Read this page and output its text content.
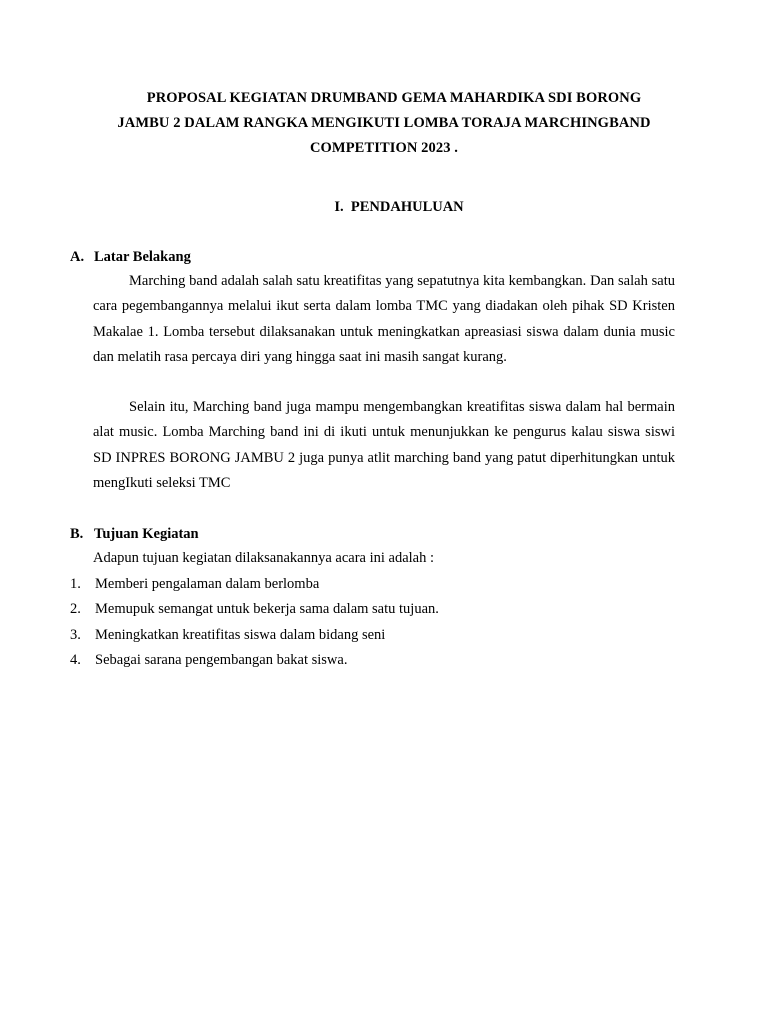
PROPOSAL KEGIATAN DRUMBAND GEMA MAHARDIKA SDI BORONG
JAMBU 2 DALAM RANGKA MENGIKUTI LOMBA TORAJA MARCHINGBAND
COMPETITION 2023 .
I. PENDAHULUAN
A. Latar Belakang

Marching band adalah salah satu kreatifitas yang sepatutnya kita kembangkan. Dan salah satu cara pegembangannya melalui ikut serta dalam lomba TMC yang diadakan oleh pihak SD Kristen Makalae 1. Lomba tersebut dilaksanakan untuk meningkatkan apreasiasi siswa dalam dunia music dan melatih rasa percaya diri yang hingga saat ini masih sangat kurang.

Selain itu, Marching band juga mampu mengembangkan kreatifitas siswa dalam hal bermain alat music. Lomba Marching band ini di ikuti untuk menunjukkan ke pengurus kalau siswa siswi SD INPRES BORONG JAMBU 2 juga punya atlit marching band yang patut diperhitungkan untuk mengIkuti seleksi TMC

B. Tujuan Kegiatan
Adapun tujuan kegiatan dilaksanakannya acara ini adalah :
1. Memberi pengalaman dalam berlomba
2. Memupuk semangat untuk bekerja sama dalam satu tujuan.
3. Meningkatkan kreatifitas siswa dalam bidang seni
4. Sebagai sarana pengembangan bakat siswa.
